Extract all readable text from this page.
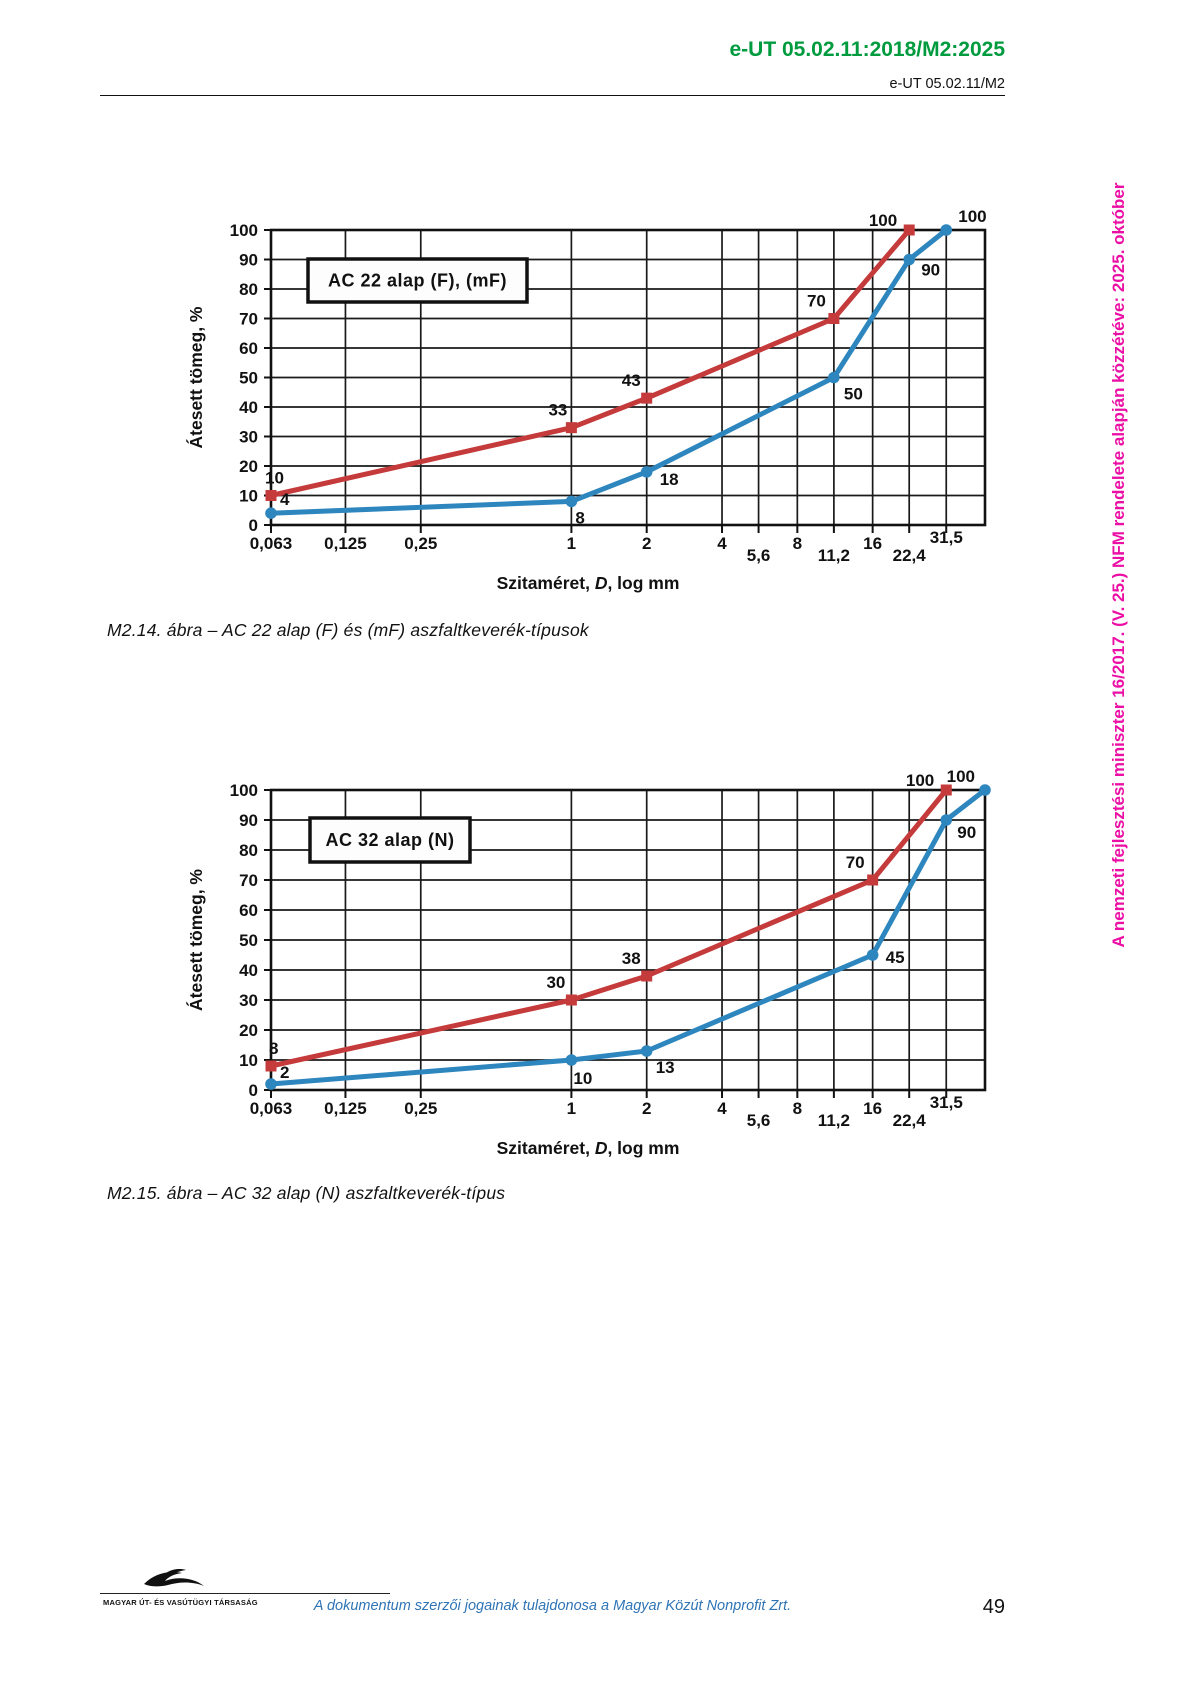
e-UT 05.02.11:2018/M2:2025
e-UT 05.02.11/M2
0
10
20
30
40
50
60
70
80
90
100
0,063 0,125 0,25	1	2	4
5,6
8
11,2
16
22,4
31,5
Szitaméret, D, log mm
Átesett tömeg, %
10
33
43
70
100
4
8
18
50
90
100
AC 22 alap (F), (mF)
M2.14. ábra – AC 22 alap (F) és (mF) aszfaltkeverék-típusok
0
10
20
30
40
50
60
70
80
90
100
0,063 0,125 0,25	1	2	4
5,6
8
11,2
16
22,4
31,5
Szitaméret, D, log mm
Átesett tömeg, %
8
30
38
70
100
2	10
13
45
90
100
AC 32 alap (N)
M2.15. ábra – AC 32 alap (N) aszfaltkeverék-típus
A nemzeti fejlesztési miniszter 16/2017. (V. 25.) NFM rendelete alapján közzétéve: 2025. október
MAGYAR ÚT- ÉS VASÚTÜGYI TÁRSASÁG	A dokumentum szerzői jogainak tulajdonosa a Magyar Közút Nonprofit Zrt.	49
